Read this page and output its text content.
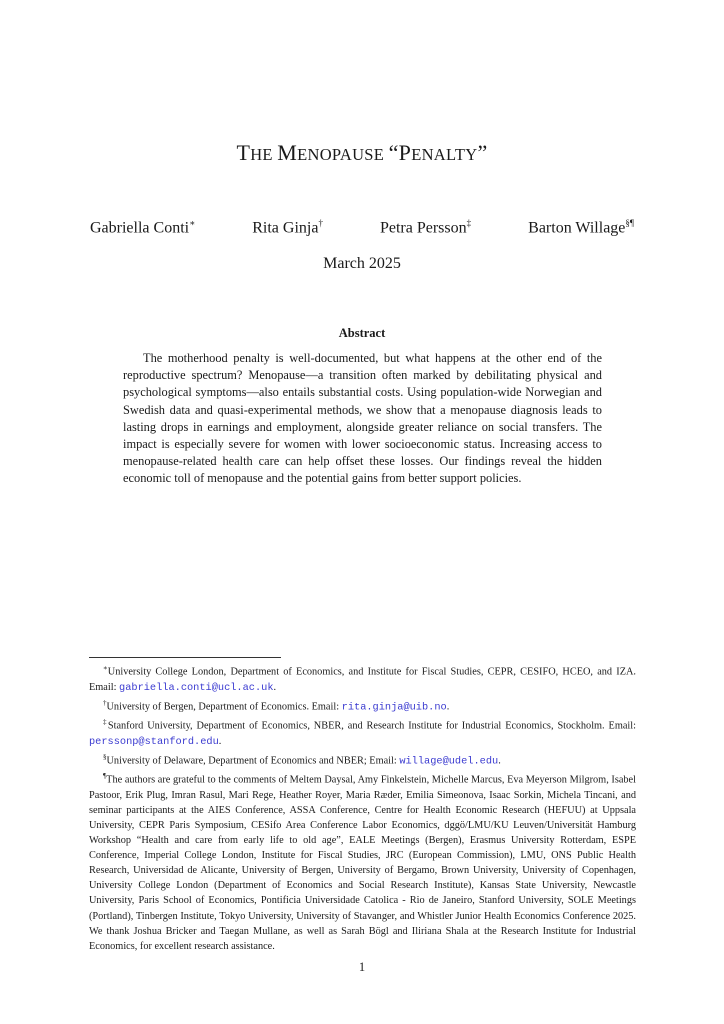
THE MENOPAUSE “PENALTY”
Gabriella Conti∗	Rita Ginja†	Petra Persson‡	Barton Willage§¶
March 2025
Abstract

The motherhood penalty is well-documented, but what happens at the other end of the reproductive spectrum? Menopause—a transition often marked by debilitating physical and psychological symptoms—also entails substantial costs. Using population-wide Norwegian and Swedish data and quasi-experimental methods, we show that a menopause diagnosis leads to lasting drops in earnings and employment, alongside greater reliance on social transfers. The impact is especially severe for women with lower socioeconomic status. Increasing access to menopause-related health care can help offset these losses. Our findings reveal the hidden economic toll of menopause and the potential gains from better support policies.

∗University College London, Department of Economics, and Institute for Fiscal Studies, CEPR, CESIFO, HCEO, and IZA. Email: gabriella.conti@ucl.ac.uk.

†University of Bergen, Department of Economics. Email: rita.ginja@uib.no.

‡Stanford University, Department of Economics, NBER, and Research Institute for Industrial Economics, Stockholm. Email: perssonp@stanford.edu.

§University of Delaware, Department of Economics and NBER; Email: willage@udel.edu.

¶The authors are grateful to the comments of Meltem Daysal, Amy Finkelstein, Michelle Marcus, Eva Meyerson Milgrom, Isabel Pastoor, Erik Plug, Imran Rasul, Mari Rege, Heather Royer, Maria Ræder, Emilia Simeonova, Isaac Sorkin, Michela Tincani, and seminar participants at the AIES Conference, ASSA Conference, Centre for Health Economic Research (HEFUU) at Uppsala University, CEPR Paris Symposium, CESifo Area Conference Labor Economics, dggö/LMU/KU Leuven/Universität Hamburg Workshop “Health and care from early life to old age”, EALE Meetings (Bergen), Erasmus University Rotterdam, ESPE Conference, Imperial College London, Institute for Fiscal Studies, JRC (European Commission), LMU, ONS Public Health Research, Universidad de Alicante, University of Bergen, University of Bergamo, Brown University, University of Copenhagen, University College London (Department of Economics and Social Research Institute), Kansas State University, Newcastle University, Paris School of Economics, Pontificia Universidade Catolica - Rio de Janeiro, Stanford University, SOLE Meetings (Portland), Tinbergen Institute, Tokyo University, University of Stavanger, and Whistler Junior Health Economics Conference 2025. We thank Joshua Bricker and Taegan Mullane, as well as Sarah Bögl and Iliriana Shala at the Research Institute for Industrial Economics, for excellent research assistance.

1
